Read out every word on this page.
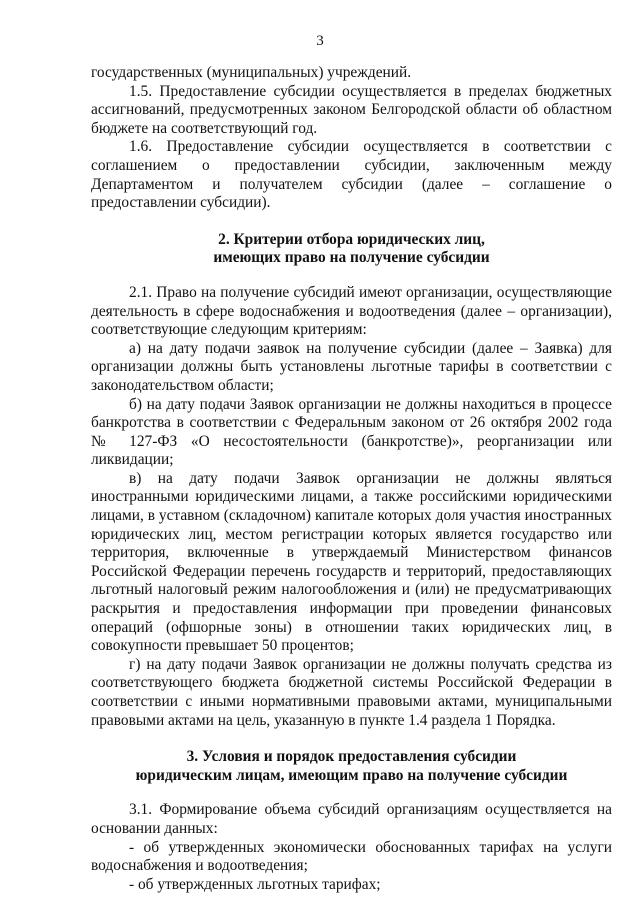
3

государственных (муниципальных) учреждений.

1.5. Предоставление субсидии осуществляется в пределах бюджетных ассигнований, предусмотренных законом Белгородской области об областном бюджете на соответствующий год.

1.6. Предоставление субсидии осуществляется в соответствии с соглашением о предоставлении субсидии, заключенным между Департаментом и получателем субсидии (далее – соглашение о предоставлении субсидии).

2. Критерии отбора юридических лиц,
имеющих право на получение субсидии

2.1. Право на получение субсидий имеют организации, осуществляющие деятельность в сфере водоснабжения и водоотведения (далее – организации), соответствующие следующим критериям:

а) на дату подачи заявок на получение субсидии (далее – Заявка) для организации должны быть установлены льготные тарифы в соответствии с законодательством области;

б) на дату подачи Заявок организации не должны находиться в процессе банкротства в соответствии с Федеральным законом от 26 октября 2002 года № 127-ФЗ «О несостоятельности (банкротстве)», реорганизации или ликвидации;

в) на дату подачи Заявок организации не должны являться иностранными юридическими лицами, а также российскими юридическими лицами, в уставном (складочном) капитале которых доля участия иностранных юридических лиц, местом регистрации которых является государство или территория, включенные в утверждаемый Министерством финансов Российской Федерации перечень государств и территорий, предоставляющих льготный налоговый режим налогообложения и (или) не предусматривающих раскрытия и предоставления информации при проведении финансовых операций (офшорные зоны) в отношении таких юридических лиц, в совокупности превышает 50 процентов;

г) на дату подачи Заявок организации не должны получать средства из соответствующего бюджета бюджетной системы Российской Федерации в соответствии с иными нормативными правовыми актами, муниципальными правовыми актами на цель, указанную в пункте 1.4 раздела 1 Порядка.

3. Условия и порядок предоставления субсидии
юридическим лицам, имеющим право на получение субсидии

3.1. Формирование объема субсидий организациям осуществляется на основании данных:

- об утвержденных экономически обоснованных тарифах на услуги водоснабжения и водоотведения;

- об утвержденных льготных тарифах;
